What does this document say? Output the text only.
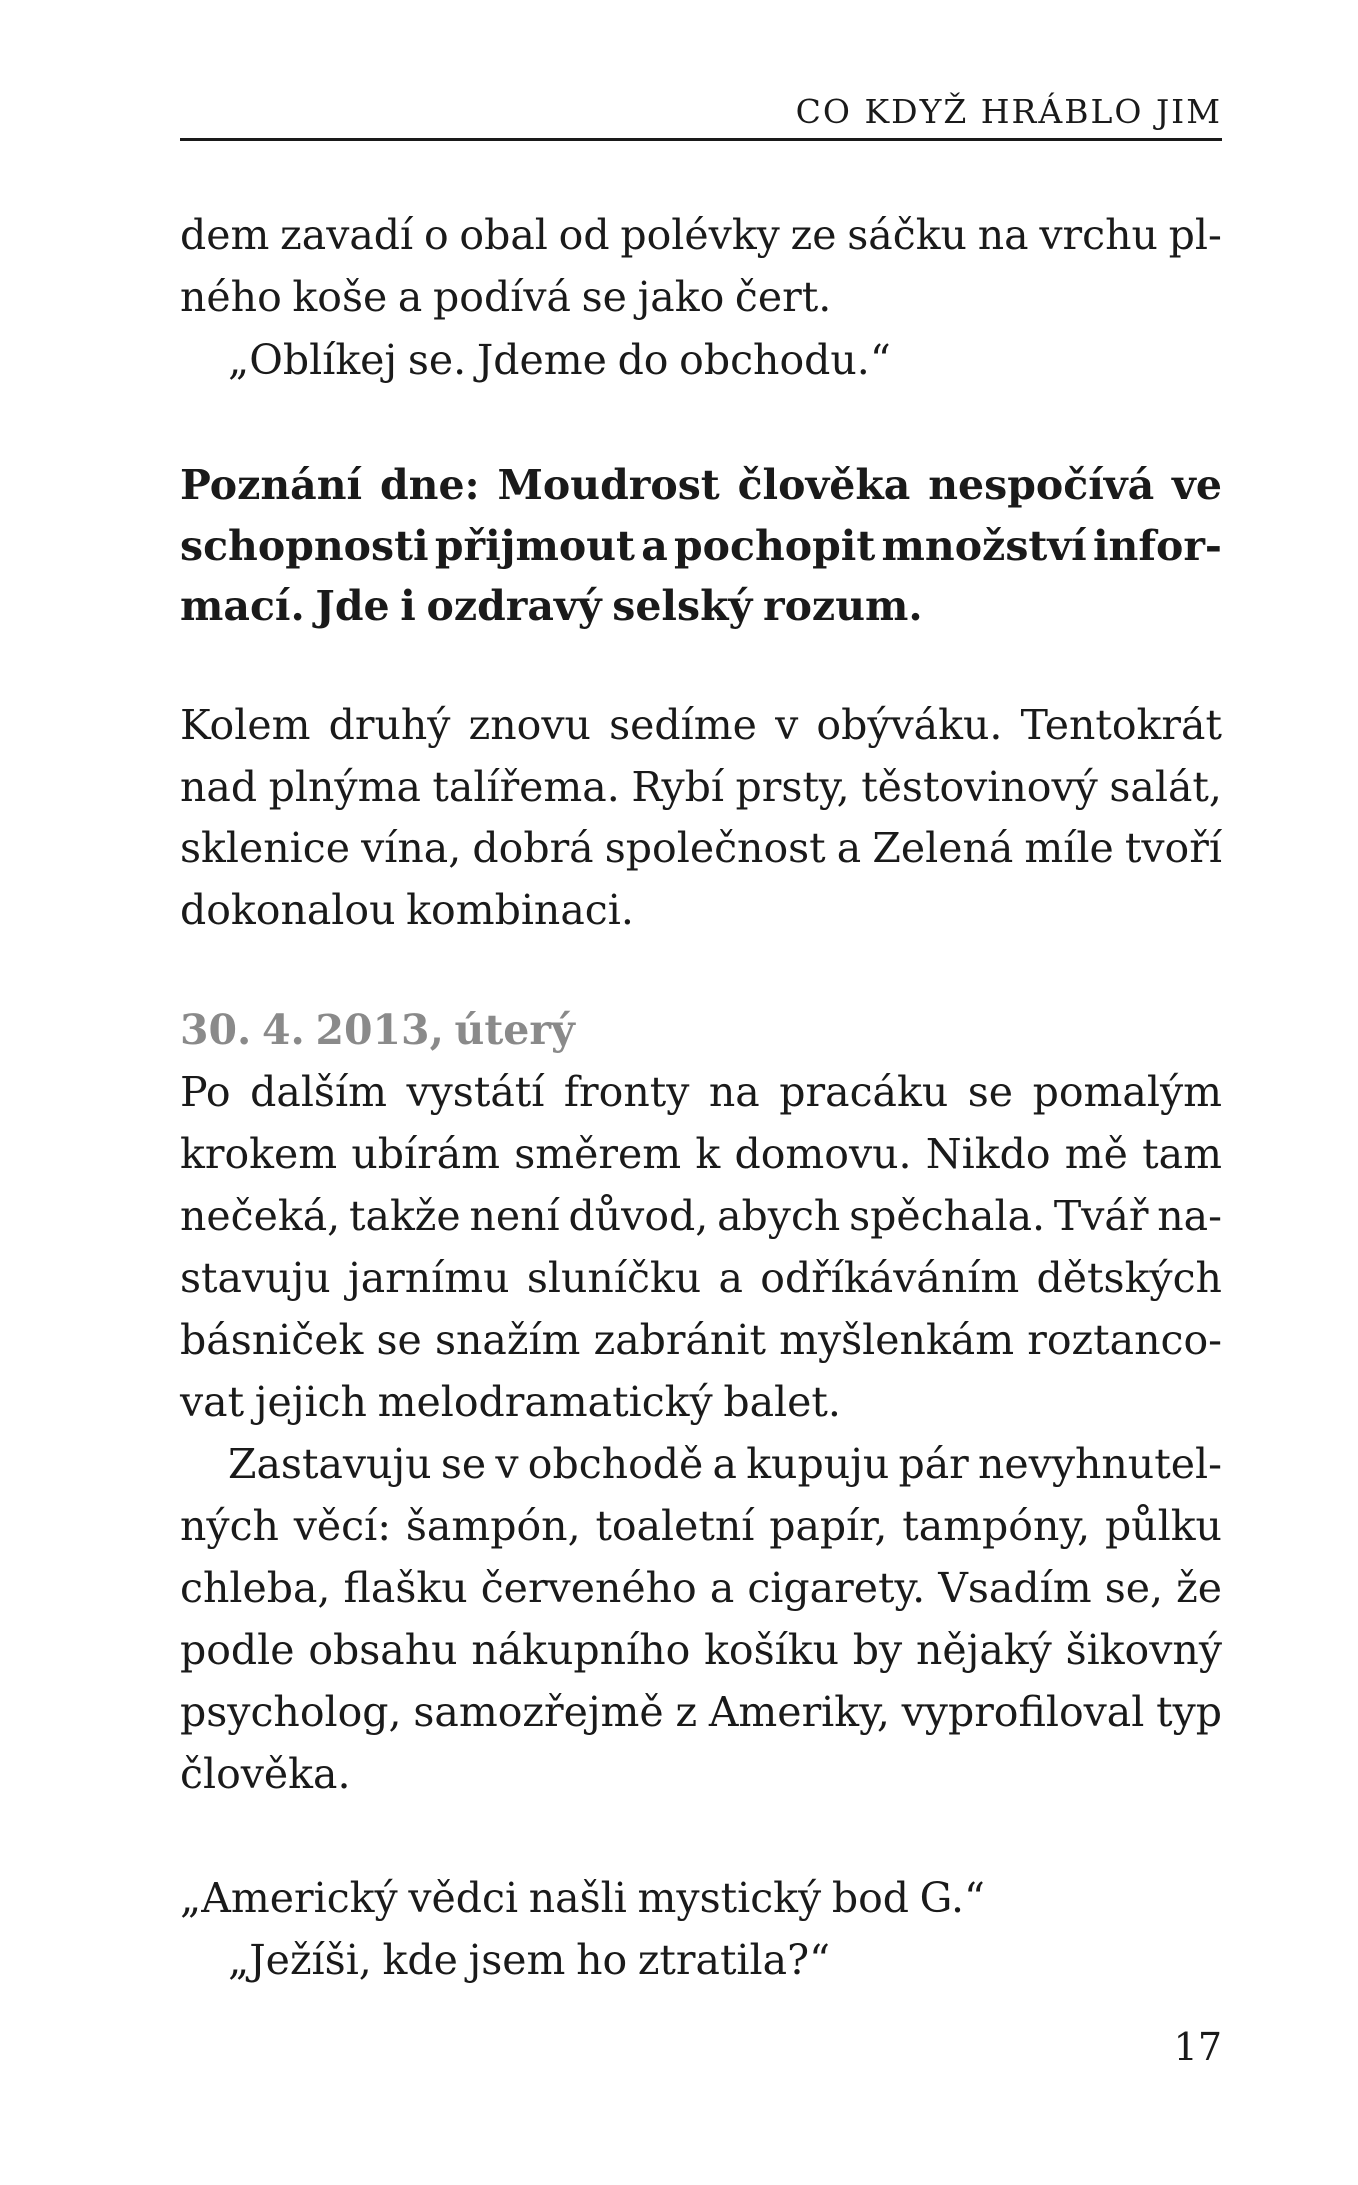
CO KDYŽ HRÁBLO JIM
dem zavadí o obal od polévky ze sáčku na vrchu pl-
ného koše a podívá se jako čert.
„Oblíkej se. Jdeme do obchodu.“
Poznání dne: Moudrost člověka nespočívá ve
schopnosti přijmout a pochopit množství infor-
mací. Jde i ozdravý selský rozum.
Kolem druhý znovu sedíme v obýváku. Tentokrát
nad plnýma talířema. Rybí prsty, těstovinový salát,
sklenice vína, dobrá společnost a Zelená míle tvoří
dokonalou kombinaci.
30. 4. 2013, úterý
Po dalším vystátí fronty na pracáku se pomalým
krokem ubírám směrem k domovu. Nikdo mě tam
nečeká, takže není důvod, abych spěchala. Tvář na-
stavuju jarnímu sluníčku a odříkáváním dětských
básniček se snažím zabránit myšlenkám roztanco-
vat jejich melodramatický balet.
Zastavuju se v obchodě a kupuju pár nevyhnutel-
ných věcí: šampón, toaletní papír, tampóny, půlku
chleba, flašku červeného a cigarety. Vsadím se, že
podle obsahu nákupního košíku by nějaký šikovný
psycholog, samozřejmě z Ameriky, vyprofiloval typ
člověka.
„Americký vědci našli mystický bod G.“
„Ježíši, kde jsem ho ztratila?“
17
